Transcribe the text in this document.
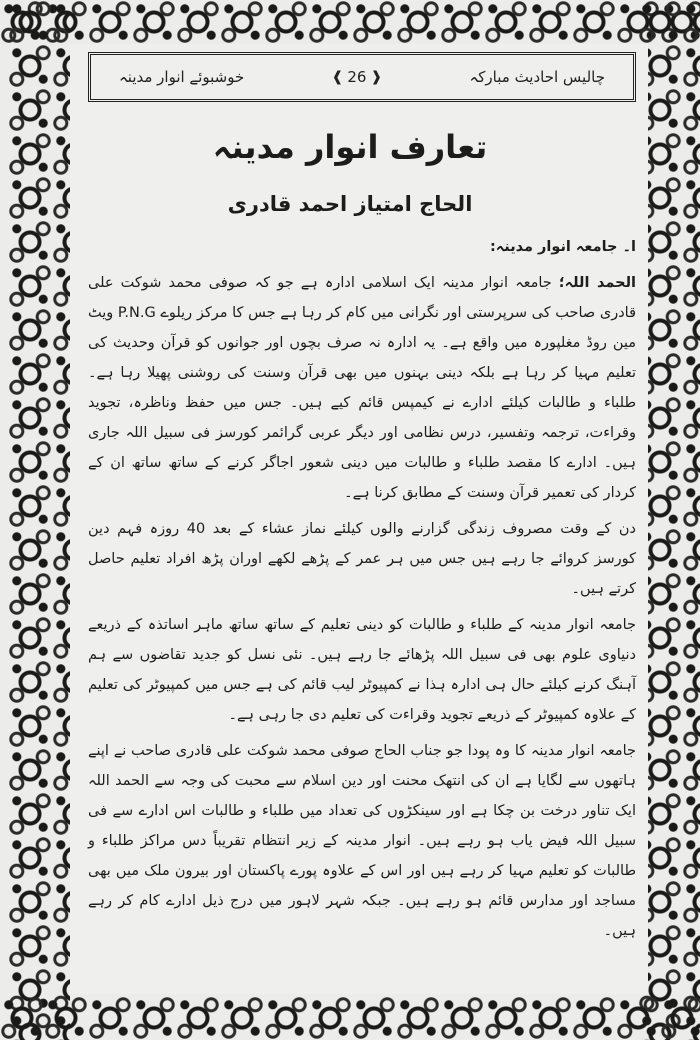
چالیس احادیث مبارکہ
❰
26
❱
خوشبوئے انوار مدینہ
تعارف انوار مدینہ
الحاج امتیاز احمد قادری

ا۔ جامعہ انوار مدینہ:

الحمد اللہ؛ جامعہ انوار مدینہ ایک اسلامی ادارہ ہے جو کہ صوفی محمد شوکت علی قادری صاحب کی سرپرستی اور نگرانی میں کام کر رہا ہے جس کا مرکز ریلوے P.N.G ویٹ مین روڈ مغلپورہ میں واقع ہے۔ یہ ادارہ نہ صرف بچوں اور جوانوں کو قرآن وحدیث کی تعلیم مہیا کر رہا ہے بلکہ دینی بہنوں میں بھی قرآن وسنت کی روشنی پھیلا رہا ہے۔ طلباء و طالبات کیلئے ادارے نے کیمپس قائم کیے ہیں۔ جس میں حفظ وناظرہ، تجوید وقراءت، ترجمہ وتفسیر، درس نظامی اور دیگر عربی گرائمر کورسز فی سبیل اللہ جاری ہیں۔ ادارے کا مقصد طلباء و طالبات میں دینی شعور اجاگر کرنے کے ساتھ ساتھ ان کے کردار کی تعمیر قرآن وسنت کے مطابق کرنا ہے۔

دن کے وقت مصروف زندگی گزارنے والوں کیلئے نماز عشاء کے بعد 40 روزہ فہم دین کورسز کروائے جا رہے ہیں جس میں ہر عمر کے پڑھے لکھے اوران پڑھ افراد تعلیم حاصل کرتے ہیں۔

جامعہ انوار مدینہ کے طلباء و طالبات کو دینی تعلیم کے ساتھ ساتھ ماہر اساتذہ کے ذریعے دنیاوی علوم بھی فی سبیل اللہ پڑھائے جا رہے ہیں۔ نئی نسل کو جدید تقاضوں سے ہم آہنگ کرنے کیلئے حال ہی ادارہ ہذا نے کمپیوٹر لیب قائم کی ہے جس میں کمپیوٹر کی تعلیم کے علاوہ کمپیوٹر کے ذریعے تجوید وقراءت کی تعلیم دی جا رہی ہے۔

جامعہ انوار مدینہ کا وہ پودا جو جناب الحاج صوفی محمد شوکت علی قادری صاحب نے اپنے ہاتھوں سے لگایا ہے ان کی انتھک محنت اور دین اسلام سے محبت کی وجہ سے الحمد اللہ ایک تناور درخت بن چکا ہے اور سینکڑوں کی تعداد میں طلباء و طالبات اس ادارے سے فی سبیل اللہ فیض یاب ہو رہے ہیں۔ انوار مدینہ کے زیر انتظام تقریباً دس مراکز طلباء و طالبات کو تعلیم مہیا کر رہے ہیں اور اس کے علاوہ پورے پاکستان اور بیرون ملک میں بھی مساجد اور مدارس قائم ہو رہے ہیں۔ جبکہ شہر لاہور میں درج ذیل ادارے کام کر رہے ہیں۔
